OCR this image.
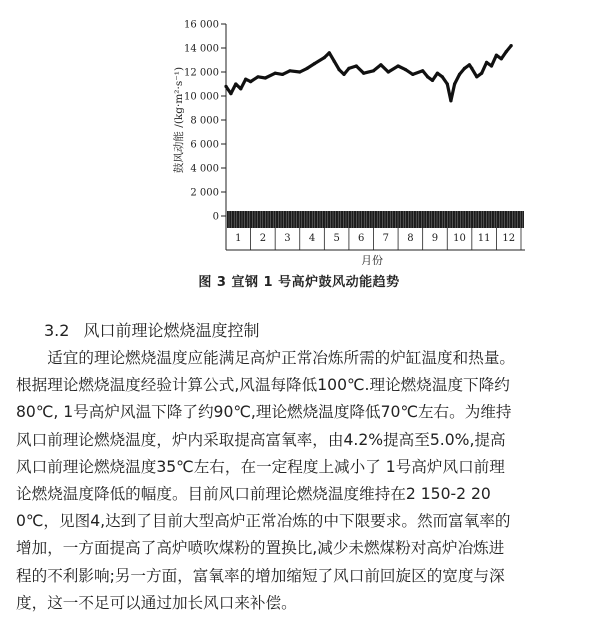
0
2 000
4 000
6 000
8 000
10 000
12 000
14 000
16 000
鼓风动能 /(kg·m²·s⁻¹)
1 2 3 4 5 6 7 8 9 10 11 12
月份
图 3 宣钢 1 号高炉鼓风动能趋势
3.2 风口前理论燃烧温度控制
　　适宜的理论燃烧温度应能满足高炉正常冶炼所需的炉缸温度和热量。
根据理论燃烧温度经验计算公式,风温每降低100℃.理论燃烧温度下降约
80℃, 1号高炉风温下降了约90℃,理论燃烧温度降低70℃左右。为维持
风口前理论燃烧温度，炉内采取提高富氧率，由4.2%提高至5.0%,提高
风口前理论燃烧温度35℃左右，在一定程度上减小了 1号高炉风口前理
论燃烧温度降低的幅度。目前风口前理论燃烧温度维持在2 150-2 20
0℃，见图4,达到了目前大型高炉正常冶炼的中下限要求。然而富氧率的
增加，一方面提高了高炉喷吹煤粉的置换比,减少未燃煤粉对高炉冶炼进
程的不利影响;另一方面，富氧率的增加缩短了风口前回旋区的宽度与深
度，这一不足可以通过加长风口来补偿。
